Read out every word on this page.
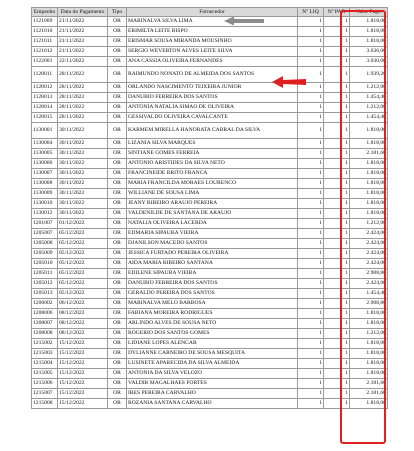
Empenho	Data do Pagamento	Tipo	Fornecedor	Nº LIQ	Nº PAR	Valor Pago
1121009	21/11/2022	OR	MARINALVA SILVA LIMA	1	1	1.818,00
1121010	21/11/2022	OR	ERIMILTA LEITE BISPO	1	1	1.818,00
1121011	21/11/2022	OR	ERISMAR SOUSA MIRANDA MOUSINHO	1	1	1.818,00
1121012	21/11/2022	OR	SERGIO WEVERTON ALVES LEITE SILVA	1	1	3.636,00
1122001	22/11/2022	OR	ANA CASSIA OLIVEIRA FERNANDES	1	1	3.030,00
1128011	28/11/2022	OR	RAIMUNDO NONATO DE ALMEIDA DOS SANTOS	1	1	1.939,20
1128012	28/11/2022	OR	ORLANDO NASCIMENTO TEIXEIRA JUNIOR	1	1	1.212,00
1128013	28/11/2022	OR	DANUBIO FERREIRA DOS SANTOS	1	1	1.454,40
1128014	28/11/2022	OR	ANTONIA NATALIA SIMAO DE OLIVEIRA	1	1	1.212,00
1128015	28/11/2022	OR	GESSIVALDO OLIVEIRA CAVALCANTE	1	1	1.454,40
1130001	30/11/2022	OR	KARMEM MIRELLA HANORATA CABRAL DA SILVA	1	1	1.818,00
1130004	30/11/2022	OR	LIZANIA SILVA MARQUES	1	1	1.818,00
1130005	30/11/2022	OR	SINTIANE GOMES FERREIA	1	1	2.181,60
1130006	30/11/2022	OR	ANTONIO ARISTIDES DA SILVA NETO	1	1	1.818,00
1130007	30/11/2022	OR	FRANCINEIDE BRITO FRANCA	1	1	1.818,00
1130008	30/11/2022	OR	MARIA FRANCILDA MORAES LOURENCO	1	1	1.818,00
1130009	30/11/2022	OR	WILLIANE DE SOUSA LIMA	1	1	1.818,00
1130010	30/11/2022	OR	JEANY RIBEIRO ARAUJO PEREIRA	1	1	1.818,00
1130012	30/11/2022	OR	VALDENILDE DE SANTANA DE ARAUJO	1	1	1.818,00
1201007	01/12/2022	OR	NATALIA OLIVEIRA LACERDA	1	1	1.212,00
1205007	05/12/2022	OR	EDMARIA SIPAUBA VIEIRA	1	1	2.424,00
1205008	05/12/2022	OR	DJANILSON MACEDO SANTOS	1	1	2.424,00
1205009	05/12/2022	OR	JESSICA FURTADO PEREIRA OLIVEIRA	1	1	2.424,00
1205010	05/12/2022	OR	AIDA MARIA RIBEIRO SANTANA	1	1	2.424,00
1205011	05/12/2022	OR	EDILENE SIPAUBA VIEIRA	1	1	2.908,80
1205012	05/12/2022	OR	DANUBIO FERREIRA DOS SANTOS	1	1	2.424,00
1205013	05/12/2022	OR	GERALDO PEREIRA DOS SANTOS	1	1	1.454,40
1206002	06/12/2022	OR	MARINALVA MELO BARBOSA	1	1	2.908,80
1208006	08/12/2022	OR	FABIANA MOREIRA RODRIGUES	1	1	1.818,00
1208007	08/12/2022	OR	ARLINDO ALVES DE SOUSA NETO	1	1	1.818,00
1208008	08/12/2022	OR	ROGERIO DOS SANTOS GOMES	1	1	1.212,00
1215002	15/12/2022	OR	LIDIANE LOPES ALENCAR	1	1	1.818,00
1215003	15/12/2022	OR	DYLIANNE CARNEIRO DE SOUSA MESQUITA	1	1	1.818,00
1215004	15/12/2022	OR	LUSINETE APARECIDA DA SILVA ALMEIDA	1	1	1.818,00
1215005	15/12/2022	OR	ANTONIA DA SILVA VELOZO	1	1	1.818,00
1215006	15/12/2022	OR	VALDIR MAGALHAES FORTES	1	1	2.181,60
1215007	15/12/2022	OR	IRES PEREIRA CARVALHO	1	1	2.181,60
1215008	15/12/2022	OR	ROZANIA SANTANA CARVALHO	1	1	1.818,00
